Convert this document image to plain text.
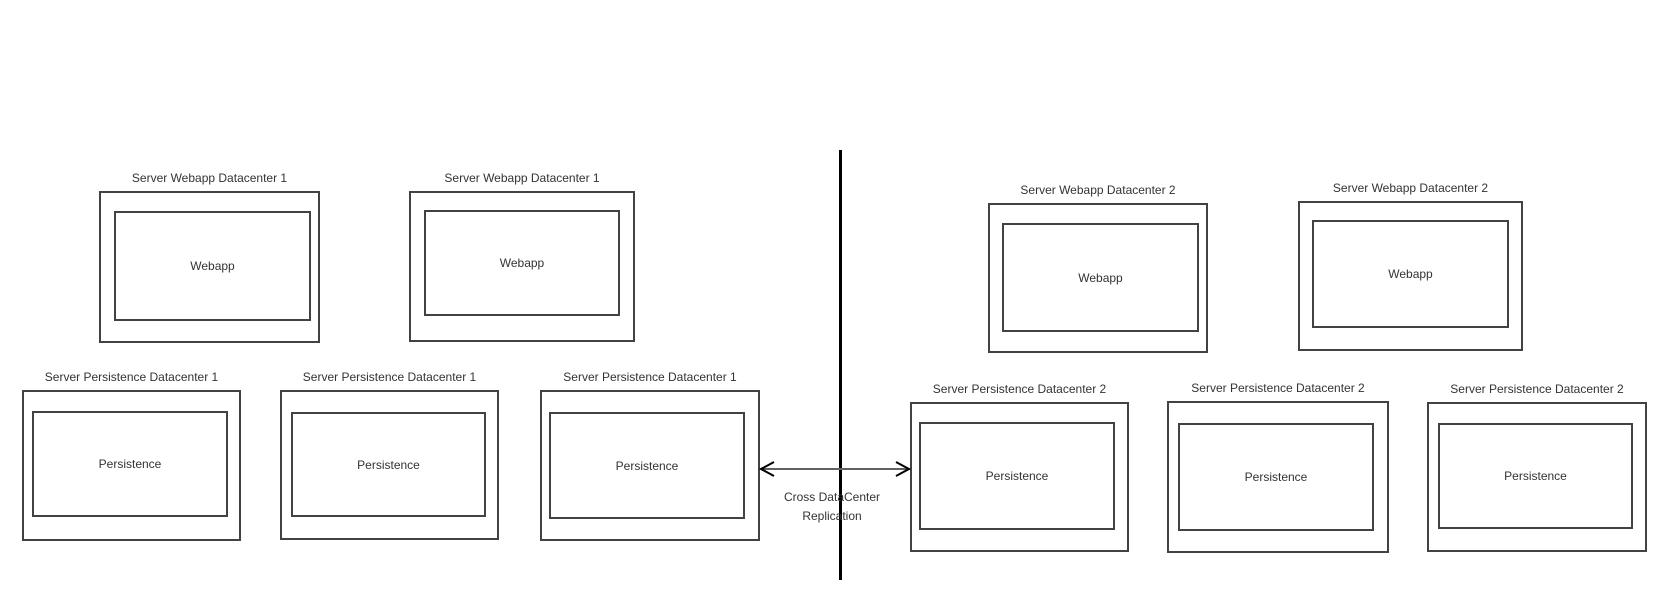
Server Webapp Datacenter 1
Webapp
Server Webapp Datacenter 1
Webapp
Server Persistence Datacenter 1
Persistence
Server Persistence Datacenter 1
Persistence
Server Persistence Datacenter 1
Persistence
Server Webapp Datacenter 2
Webapp
Server Webapp Datacenter 2
Webapp
Server Persistence Datacenter 2
Persistence
Server Persistence Datacenter 2
Persistence
Server Persistence Datacenter 2
Persistence
Cross DataCenter
Replication
